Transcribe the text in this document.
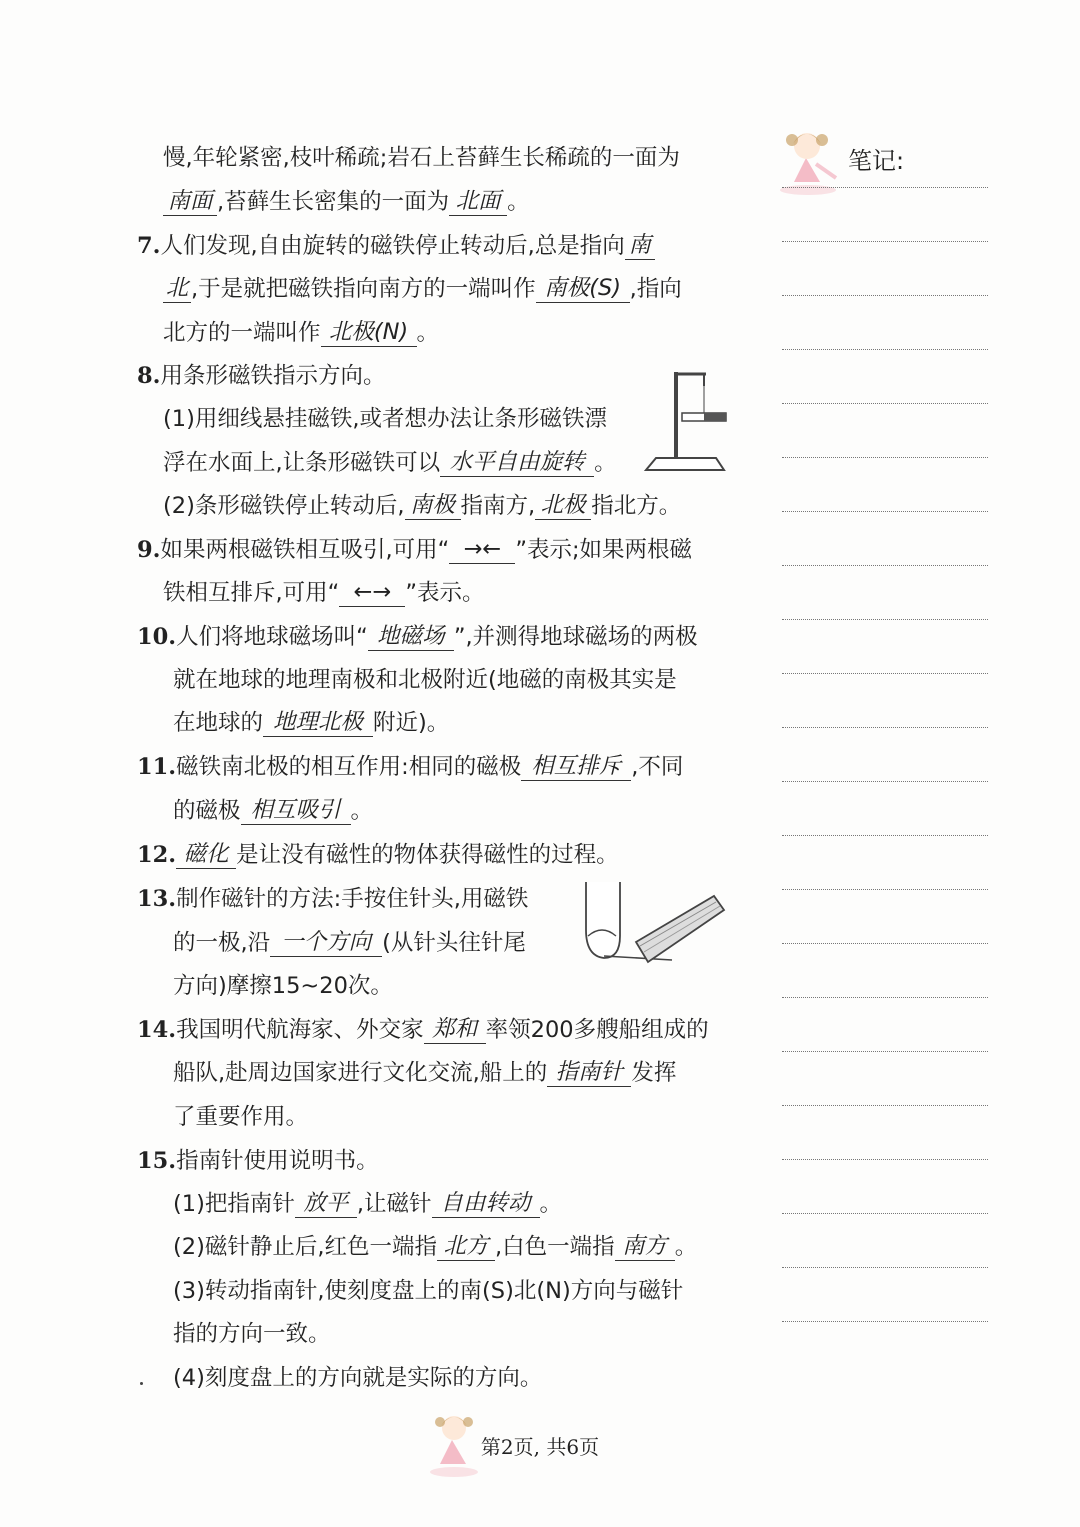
笔记:
慢,年轮紧密,枝叶稀疏;岩石上苔藓生长稀疏的一面为
南面 ,苔藓生长密集的一面为 北面 。
7.人们发现,自由旋转的磁铁停止转动后,总是指向 南
北 ,于是就把磁铁指向南方的一端叫作 南极(S) ,指向
北方的一端叫作 北极(N) 。
8.用条形磁铁指示方向。
(1)用细线悬挂磁铁,或者想办法让条形磁铁漂
浮在水面上,让条形磁铁可以 水平自由旋转 。
(2)条形磁铁停止转动后, 南极 指南方, 北极 指北方。
9.如果两根磁铁相互吸引,可用“ →← ”表示;如果两根磁
铁相互排斥,可用“ ←→ ”表示。
10.人们将地球磁场叫“ 地磁场 ”,并测得地球磁场的两极
就在地球的地理南极和北极附近(地磁的南极其实是
在地球的 地理北极 附近)。
11.磁铁南北极的相互作用:相同的磁极 相互排斥 ,不同
的磁极 相互吸引 。
12. 磁化 是让没有磁性的物体获得磁性的过程。
13.制作磁针的方法:手按住针头,用磁铁
的一极,沿 一个方向 (从针头往针尾
方向)摩擦15~20次。
14.我国明代航海家、外交家 郑和 率领200多艘船组成的
船队,赴周边国家进行文化交流,船上的 指南针 发挥
了重要作用。
15.指南针使用说明书。
(1)把指南针 放平 ,让磁针 自由转动 。
(2)磁针静止后,红色一端指 北方 ,白色一端指 南方 。
(3)转动指南针,使刻度盘上的南(S)北(N)方向与磁针
指的方向一致。
(4)刻度盘上的方向就是实际的方向。
第2页, 共6页
